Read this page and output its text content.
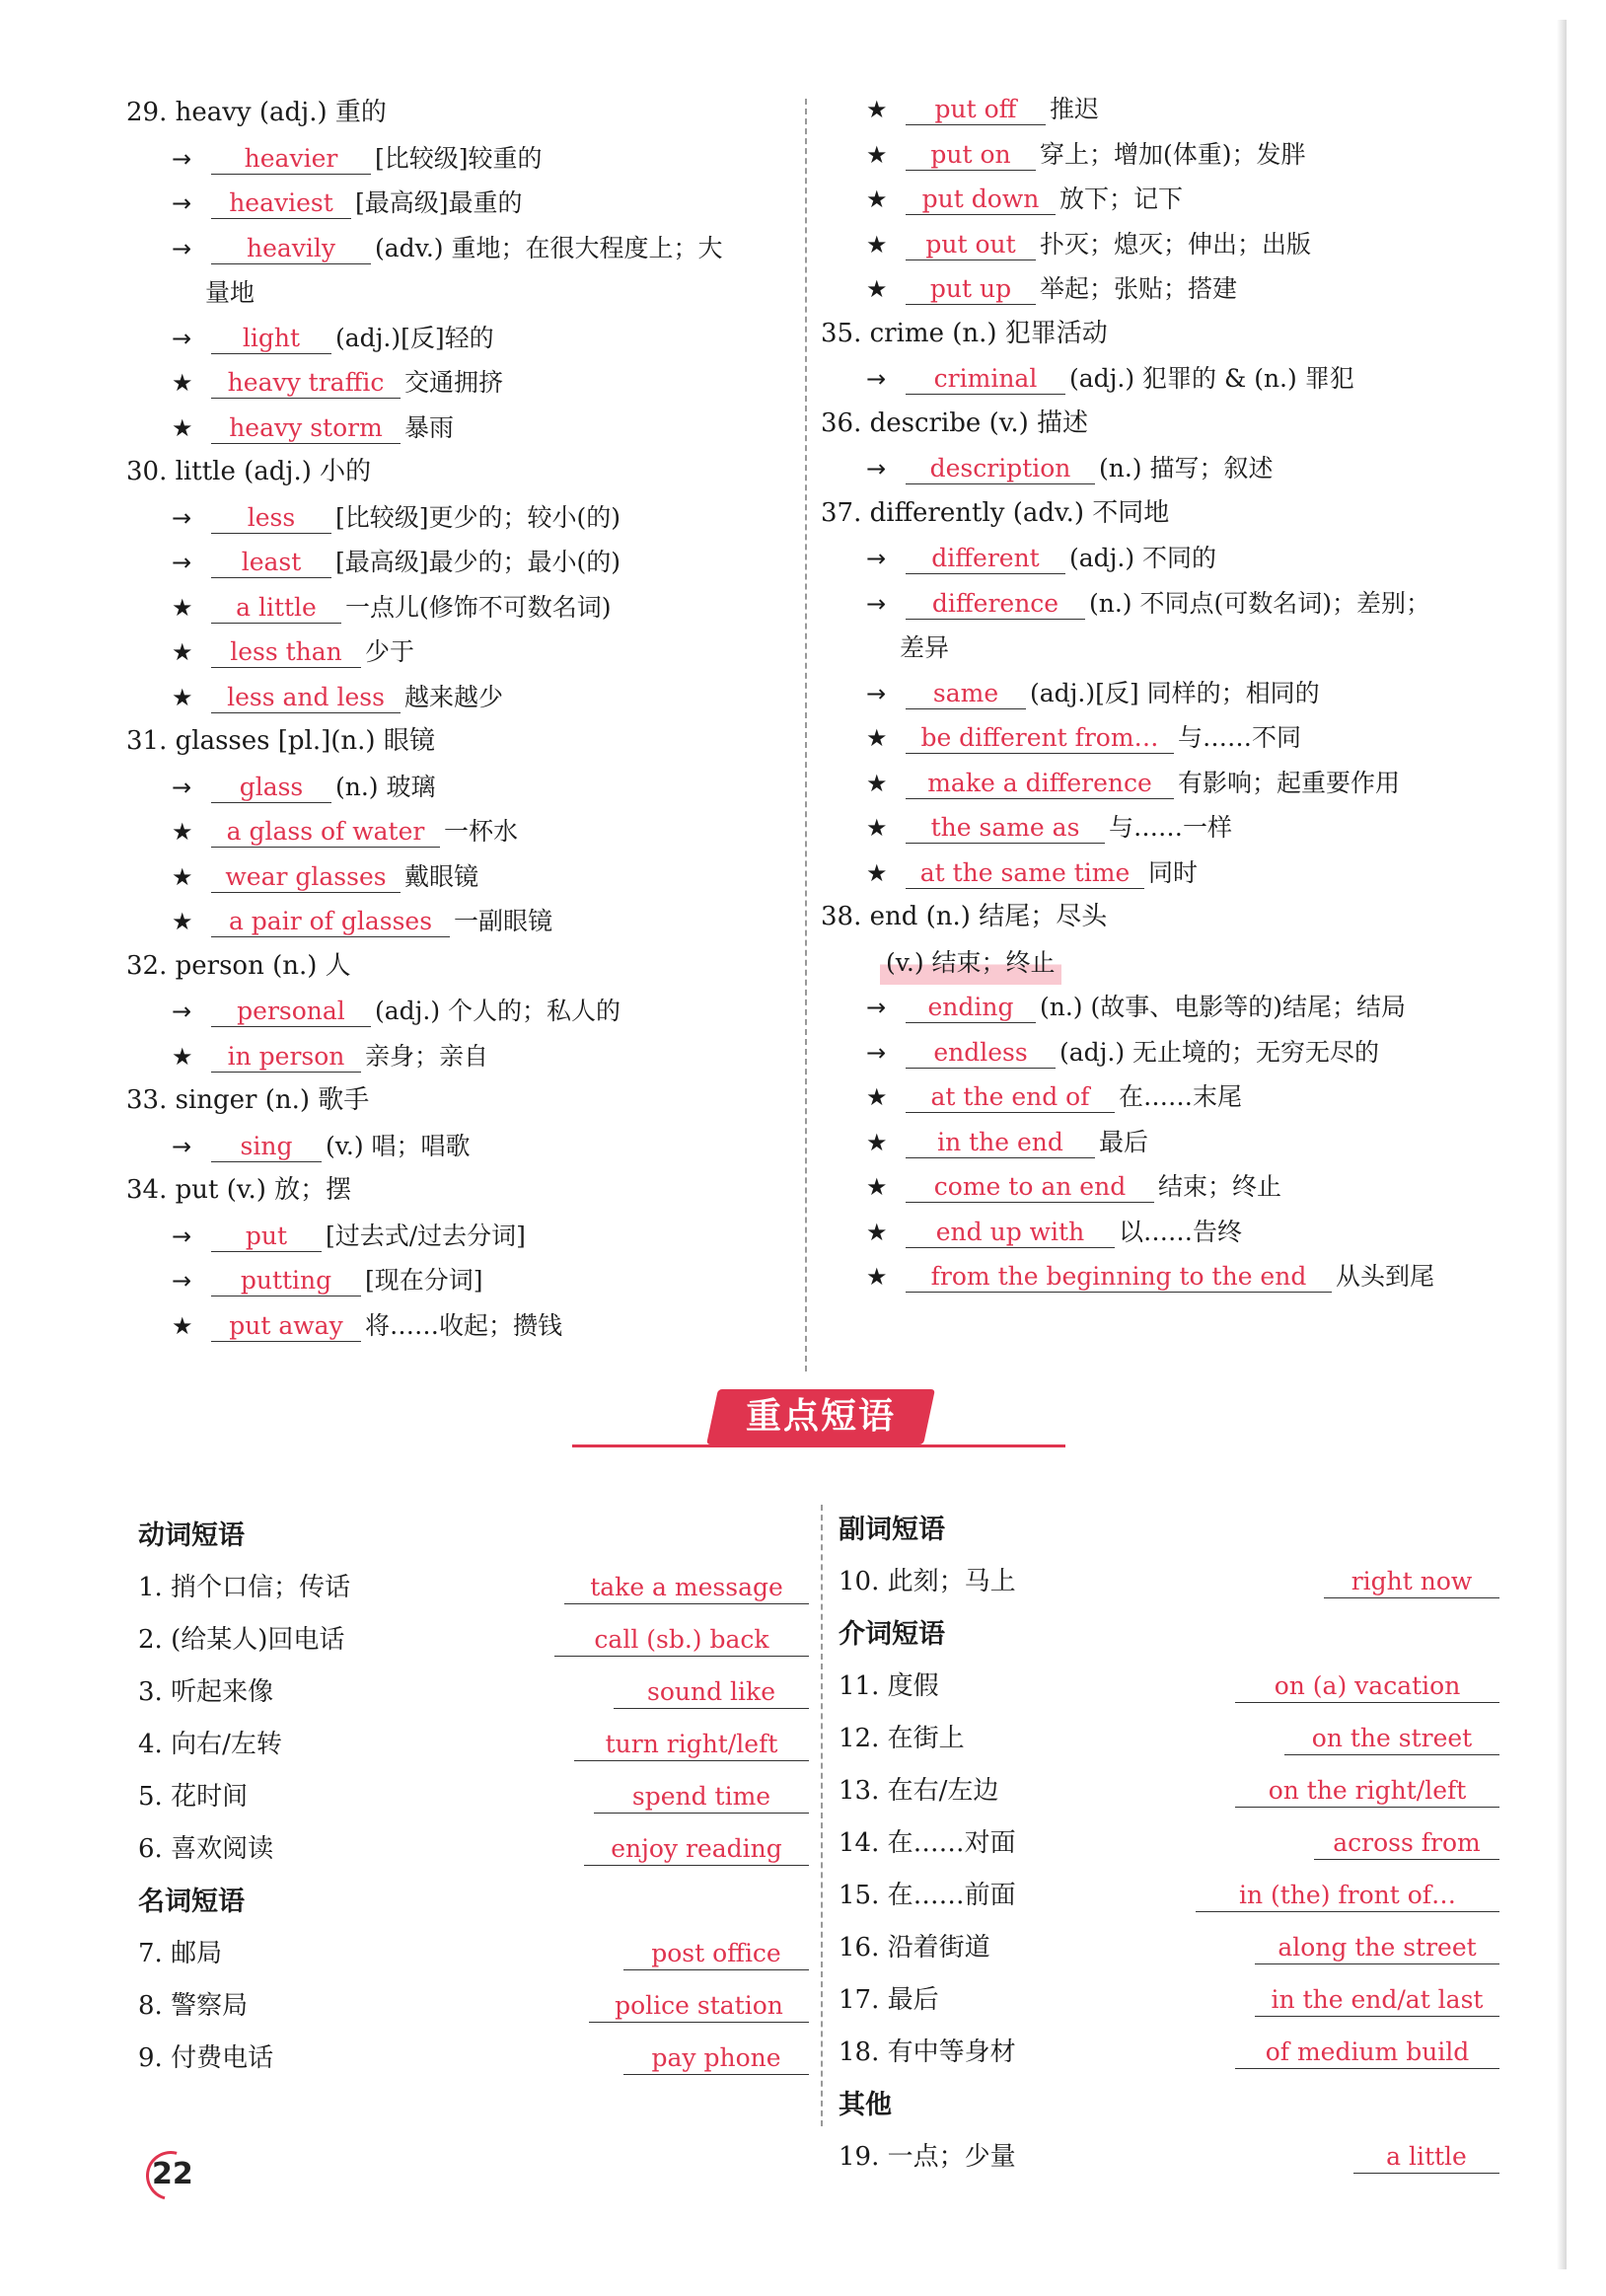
29. heavy (adj.) 重的
→	heavier	[比较级]较重的
→	heaviest [最高级]最重的
→	heavily	(adv.) 重地；在很大程度上；大
量地
→	light	(adj.)[反]轻的
★	heavy traffic 交通拥挤
★	heavy storm 暴雨
30. little (adj.) 小的
→	less	[比较级]更少的；较小(的)
→	least	[最高级]最少的；最小(的)
★	a little	一点儿(修饰不可数名词)
★	less than 少于
★	less and less 越来越少
31. glasses [pl.](n.) 眼镜
→	glass	(n.) 玻璃
★	a glass of water 一杯水
★	wear glasses 戴眼镜
★	a pair of glasses 一副眼镜
32. person (n.) 人
→	personal	(adj.) 个人的；私人的
★	in person 亲身；亲自
33. singer (n.) 歌手
→	sing	(v.) 唱；唱歌
34. put (v.) 放；摆
→	put	[过去式/过去分词]
→	putting	[现在分词]
★	put away 将……收起；攒钱
★	put off	推迟
★	put on	穿上；增加(体重)；发胖
★	put down 放下；记下
★	put out 扑灭；熄灭；伸出；出版
★	put up	举起；张贴；搭建
35. crime (n.) 犯罪活动
→	criminal	(adj.) 犯罪的 & (n.) 罪犯
36. describe (v.) 描述
→	description	(n.) 描写；叙述
37. differently (adv.) 不同地
→	different	(adj.) 不同的
→	difference	(n.) 不同点(可数名词)；差别；
差异
→	same	(adj.)[反] 同样的；相同的
★	be different from… 与……不同
★	make a difference	有影响；起重要作用
★	the same as	与……一样
★	at the same time 同时
38. end (n.) 结尾；尽头
(v.) 结束；终止
→	ending	(n.) (故事、电影等的)结尾；结局
→	endless	(adj.) 无止境的；无穷无尽的
★	at the end of	在……末尾
★	in the end	最后
★	come to an end	结束；终止
★	end up with	以……告终
★	from the beginning to the end	从头到尾
重点短语
动词短语
1. 捎个口信；传话	take a message
2. (给某人)回电话	call (sb.) back
3. 听起来像	sound like
4. 向右/左转	turn right/left
5. 花时间	spend time
6. 喜欢阅读	enjoy reading
名词短语
7. 邮局	post office
8. 警察局	police station
9. 付费电话	pay phone
副词短语
10. 此刻；马上	right now
介词短语
11. 度假	on (a) vacation
12. 在街上	on the street
13. 在右/左边	on the right/left
14. 在……对面	across from
15. 在……前面	in (the) front of…
16. 沿着街道	along the street
17. 最后	in the end/at last
18. 有中等身材	of medium build
其他
19. 一点；少量	a little
22
